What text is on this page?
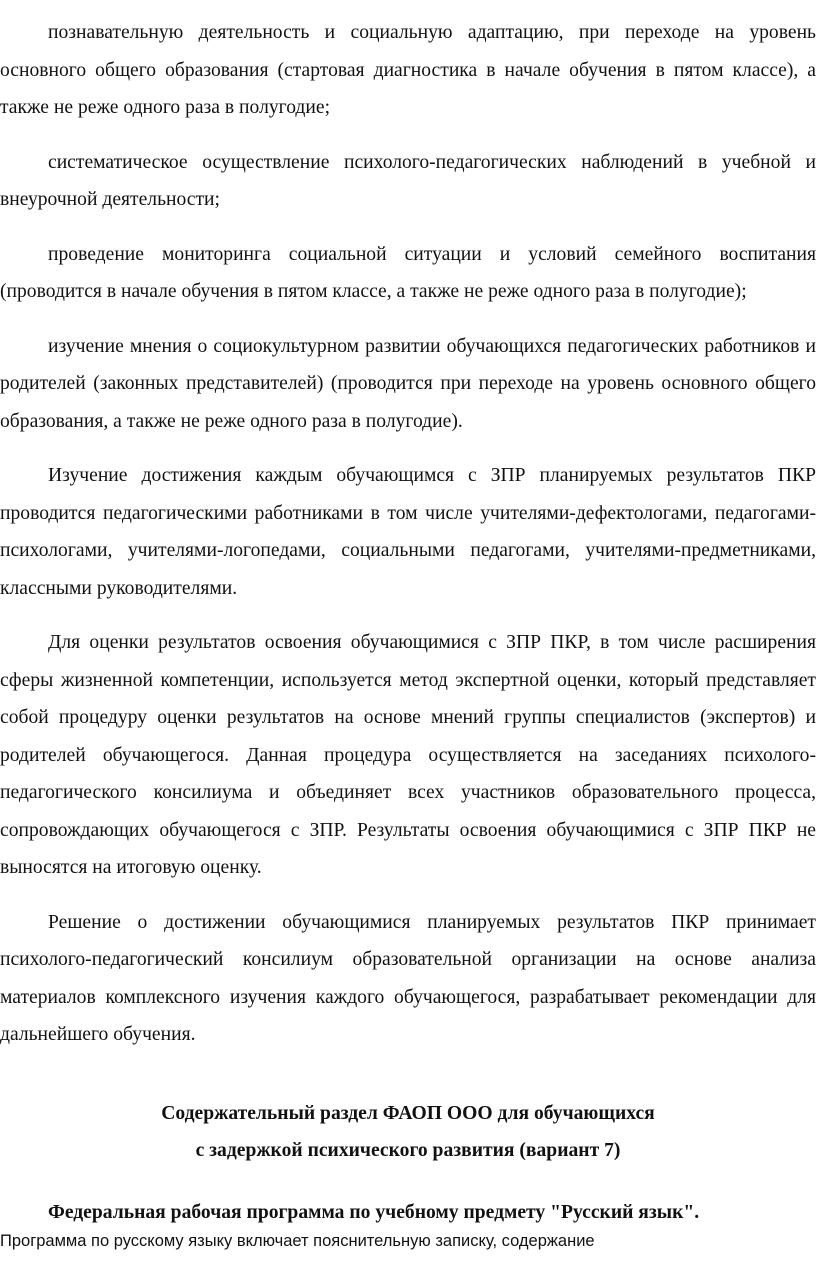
познавательную деятельность и социальную адаптацию, при переходе на уровень основного общего образования (стартовая диагностика в начале обучения в пятом классе), а также не реже одного раза в полугодие;

систематическое осуществление психолого-педагогических наблюдений в учебной и внеурочной деятельности;

проведение мониторинга социальной ситуации и условий семейного воспитания (проводится в начале обучения в пятом классе, а также не реже одного раза в полугодие);

изучение мнения о социокультурном развитии обучающихся педагогических работников и родителей (законных представителей) (проводится при переходе на уровень основного общего образования, а также не реже одного раза в полугодие).

Изучение достижения каждым обучающимся с ЗПР планируемых результатов ПКР проводится педагогическими работниками в том числе учителями-дефектологами, педагогами-психологами, учителями-логопедами, социальными педагогами, учителями-предметниками, классными руководителями.

Для оценки результатов освоения обучающимися с ЗПР ПКР, в том числе расширения сферы жизненной компетенции, используется метод экспертной оценки, который представляет собой процедуру оценки результатов на основе мнений группы специалистов (экспертов) и родителей обучающегося. Данная процедура осуществляется на заседаниях психолого-педагогического консилиума и объединяет всех участников образовательного процесса, сопровождающих обучающегося с ЗПР. Результаты освоения обучающимися с ЗПР ПКР не выносятся на итоговую оценку.

Решение о достижении обучающимися планируемых результатов ПКР принимает психолого-педагогический консилиум образовательной организации на основе анализа материалов комплексного изучения каждого обучающегося, разрабатывает рекомендации для дальнейшего обучения.

Содержательный раздел ФАОП ООО для обучающихся

с задержкой психического развития (вариант 7)

Федеральная рабочая программа по учебному предмету "Русский язык".

Программа по русскому языку включает пояснительную записку, содержание
